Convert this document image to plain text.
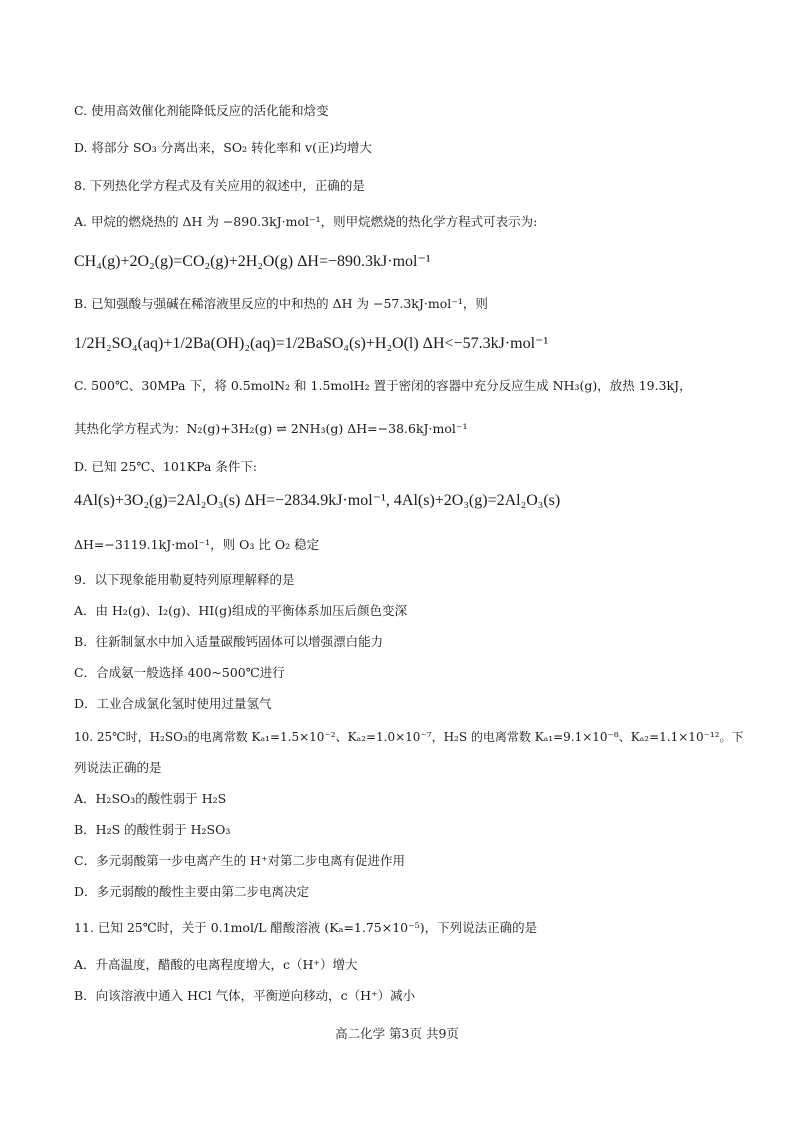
C. 使用高效催化剂能降低反应的活化能和焓变
D. 将部分 SO₃ 分离出来，SO₂ 转化率和 v(正)均增大
8. 下列热化学方程式及有关应用的叙述中，正确的是
A. 甲烷的燃烧热的 ΔH 为 −890.3kJ·mol⁻¹，则甲烷燃烧的热化学方程式可表示为:
CH₄(g)+2O₂(g)=CO₂(g)+2H₂O(g) ΔH=−890.3kJ·mol⁻¹
B. 已知强酸与强碱在稀溶液里反应的中和热的 ΔH 为 −57.3kJ·mol⁻¹，则
1/2H₂SO₄(aq)+1/2Ba(OH)₂(aq)=1/2BaSO₄(s)+H₂O(l) ΔH<−57.3kJ·mol⁻¹
C. 500℃、30MPa 下，将 0.5molN₂ 和 1.5molH₂ 置于密闭的容器中充分反应生成 NH₃(g)，放热 19.3kJ，
其热化学方程式为：N₂(g)+3H₂(g) ⇌ 2NH₃(g) ΔH=−38.6kJ·mol⁻¹
D. 已知 25℃、101KPa 条件下:
4Al(s)+3O₂(g)=2Al₂O₃(s) ΔH=−2834.9kJ·mol⁻¹, 4Al(s)+2O₃(g)=2Al₂O₃(s)
ΔH=−3119.1kJ·mol⁻¹，则 O₃ 比 O₂ 稳定
9．以下现象能用勒夏特列原理解释的是
A．由 H₂(g)、I₂(g)、HI(g)组成的平衡体系加压后颜色变深
B．往新制氯水中加入适量碳酸钙固体可以增强漂白能力
C．合成氨一般选择 400~500℃进行
D．工业合成氯化氢时使用过量氢气
10. 25℃时，H₂SO₃的电离常数 Kₐ₁=1.5×10⁻²、Kₐ₂=1.0×10⁻⁷，H₂S 的电离常数 Kₐ₁=9.1×10⁻⁸、Kₐ₂=1.1×10⁻¹²。下
列说法正确的是
A．H₂SO₃的酸性弱于 H₂S
B．H₂S 的酸性弱于 H₂SO₃
C．多元弱酸第一步电离产生的 H⁺对第二步电离有促进作用
D．多元弱酸的酸性主要由第二步电离决定
11. 已知 25℃时，关于 0.1mol/L 醋酸溶液 (Kₐ=1.75×10⁻⁵)，下列说法正确的是
A．升高温度，醋酸的电离程度增大，c（H⁺）增大
B．向该溶液中通入 HCl 气体，平衡逆向移动，c（H⁺）减小
高二化学 第3页 共9页
